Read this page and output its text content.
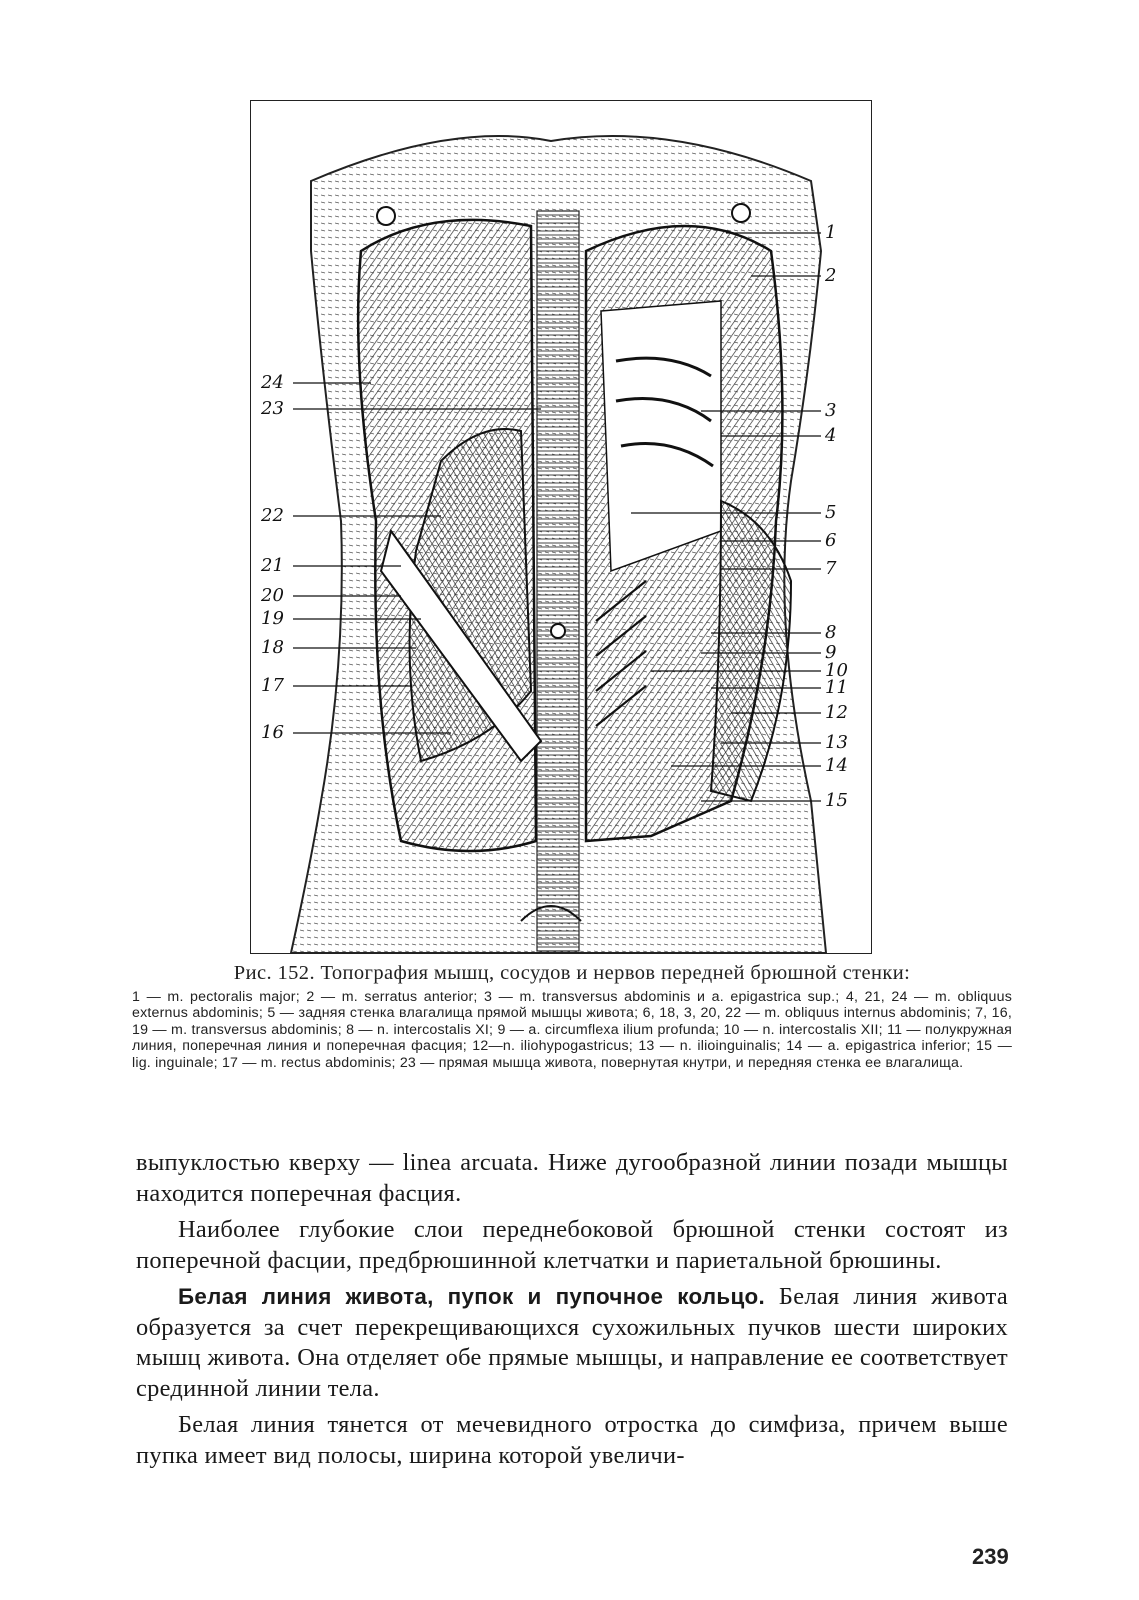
24
23
22
21
20
19
18
17
16
1
2
3
4
5
6
7
8
9
10
11
12
13
14
15

Рис. 152. Топография мышц, сосудов и нервов передней брюшной стенки:

1 — m. pectoralis major; 2 — m. serratus anterior; 3 — m. transversus abdominis и a. epigastrica sup.; 4, 21, 24 — m. obliquus externus abdominis; 5 — задняя стенка влагалища прямой мышцы живота; 6, 18, 3, 20, 22 — m. obliquus internus abdominis; 7, 16, 19 — m. transversus abdominis; 8 — n. intercostalis XI; 9 — a. circumflexa ilium profunda; 10 — n. intercostalis XII; 11 — полукружная линия, поперечная линия и поперечная фасция; 12—n. iliohypogastricus; 13 — n. ilioinguinalis; 14 — a. epigastrica inferior; 15 — lig. inguinale; 17 — m. rectus abdominis; 23 — прямая мышца живота, повернутая кнутри, и передняя стенка ее влагалища.

выпуклостью кверху — linea arcuata. Ниже дугообразной линии позади мышцы находится поперечная фасция.

Наиболее глубокие слои переднебоковой брюшной стенки состоят из поперечной фасции, предбрюшинной клетчатки и париетальной брюшины.

Белая линия живота, пупок и пупочное кольцо. Белая линия живота образуется за счет перекрещивающихся сухожильных пучков шести широких мышц живота. Она отделяет обе прямые мышцы, и направление ее соответствует срединной линии тела.

Белая линия тянется от мечевидного отростка до симфиза, причем выше пупка имеет вид полосы, ширина которой увеличи-

239
